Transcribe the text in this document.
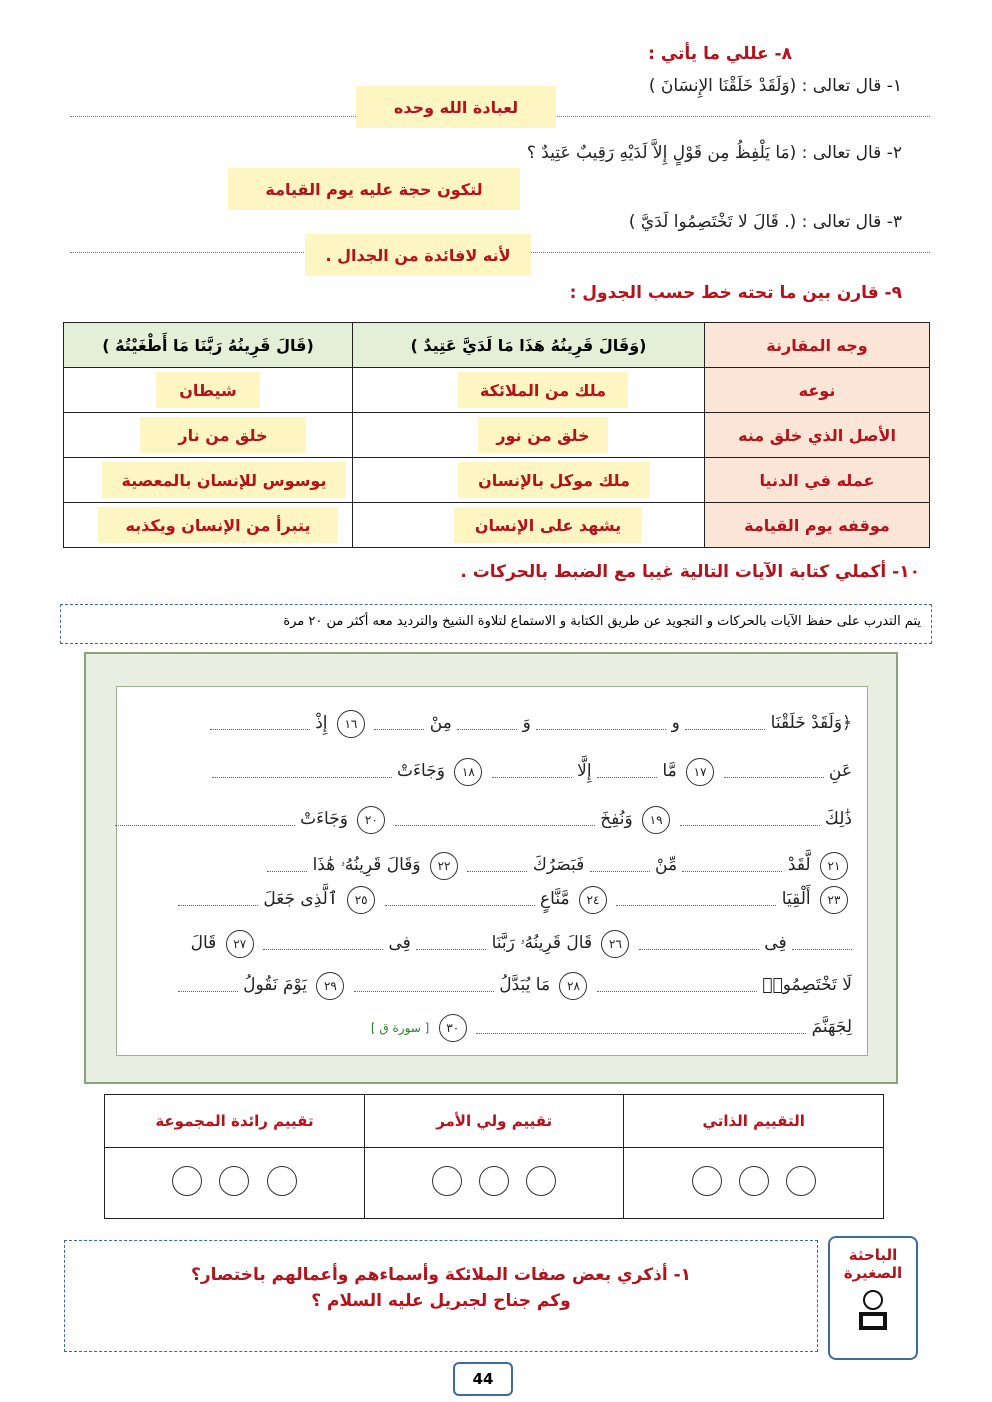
٨- عللي ما يأتي :
١- قال تعالى : (وَلَقَدْ خَلَقْنَا الإِنسَانَ )
لعبادة الله وحده
٢- قال تعالى : (مَا يَلْفِظُ مِن قَوْلٍ إِلاَّ لَدَيْهِ رَقِيبٌ عَتِيدٌ ؟
لتكون حجة عليه يوم القيامة
٣- قال تعالى : (. قَالَ لا تَخْتَصِمُوا لَدَيَّ )
لأنه لافائدة من الجدال .
٩- قارن بين ما تحته خط حسب الجدول :
وجه المقارنة	(وَقَالَ قَرِينُهُ هَذَا مَا لَدَيَّ عَتِيدٌ )	(قَالَ قَرِينُهُ رَبَّنَا مَا أَطْغَيْتُهُ )
نوعه	ملك من الملائكة	شيطان

الأصل الذي خلق منه	خلق من نور	خلق من نار

عمله في الدنيا	ملك موكل بالإنسان	يوسوس للإنسان بالمعصية

موقفه يوم القيامة	يشهد على الإنسان	يتبرأ من الإنسان ويكذبه
١٠- أكملي كتابة الآيات التالية غيبا مع الضبط بالحركات .
يتم التدرب على حفظ الآيات بالحركات و التجويد عن طريق الكتابة و الاستماع لتلاوة الشيخ والترديد معه أكثر من ٢٠ مرة
﴿وَلَقَدْ خَلَقْنَا  و  وَ  مِنْ  ١٦ إِذْ
عَنِ  ١٧ مَّا  إِلَّا  ١٨ وَجَاءَتْ
ذَٰلِكَ  ١٩ وَنُفِخَ  ٢٠ وَجَاءَتْ
٢١ لَّقَدْ  مِّنْ  فَبَصَرُكَ  ٢٢ وَقَالَ قَرِينُهُۥ هَٰذَا
٢٣ أَلْقِيَا  ٢٤ مَّنَّاعٍ  ٢٥ ٱلَّذِى جَعَلَ
فِى  ٢٦ قَالَ قَرِينُهُۥ رَبَّنَا  فِى  ٢٧ قَالَ
لَا تَخْتَصِمُوا۟  ٢٨ مَا يُبَدَّلُ  ٢٩ يَوْمَ نَقُولُ
لِجَهَنَّمَ  ٣٠ [ سورة ق ]
التقييم الذاتي	تقييم ولي الأمر	تقييم رائدة المجموعة

الباحثة
الصغيرة
١- أذكري بعض صفات الملائكة وأسماءهم وأعمالهم باختصار؟
وكم جناح لجبريل عليه السلام ؟
44
